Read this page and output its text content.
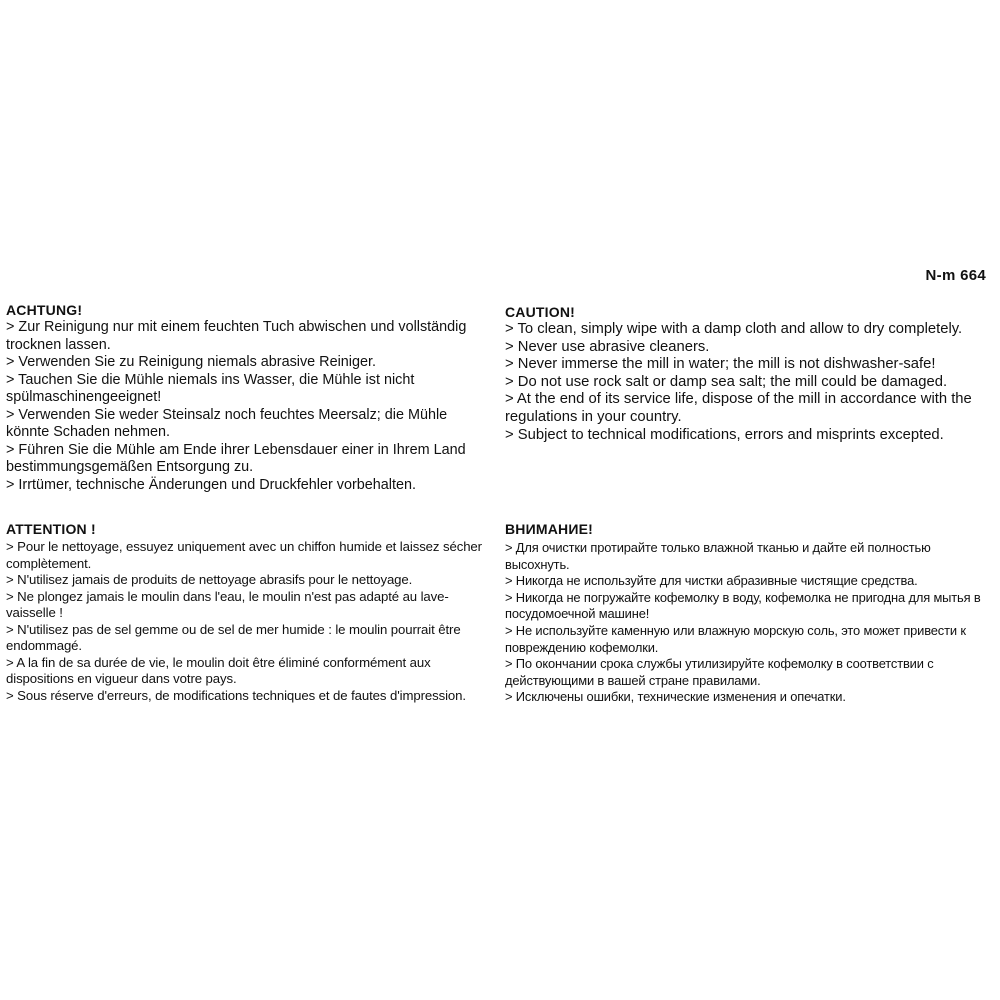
N-m 664
ACHTUNG!
> Zur Reinigung nur mit einem feuchten Tuch abwischen und vollständig trocknen lassen.
> Verwenden Sie zu Reinigung niemals abrasive Reiniger.
> Tauchen Sie die Mühle niemals ins Wasser, die Mühle ist nicht spülmaschinengeeignet!
> Verwenden Sie weder Steinsalz noch feuchtes Meersalz; die Mühle könnte Schaden nehmen.
> Führen Sie die Mühle am Ende ihrer Lebensdauer einer in Ihrem Land bestimmungsgemäßen Entsorgung zu.
> Irrtümer, technische Änderungen und Druckfehler vorbehalten.
CAUTION!
> To clean, simply wipe with a damp cloth and allow to dry completely.
> Never use abrasive cleaners.
> Never immerse the mill in water; the mill is not dishwasher-safe!
> Do not use rock salt or damp sea salt; the mill could be damaged.
> At the end of its service life, dispose of the mill in accordance with the regulations in your country.
> Subject to technical modifications, errors and misprints excepted.
ATTENTION !
> Pour le nettoyage, essuyez uniquement avec un chiffon humide et laissez sécher complètement.
> N'utilisez jamais de produits de nettoyage abrasifs pour le nettoyage.
> Ne plongez jamais le moulin dans l'eau, le moulin n'est pas adapté au lave-vaisselle !
> N'utilisez pas de sel gemme ou de sel de mer humide : le moulin pourrait être endommagé.
> A la fin de sa durée de vie, le moulin doit être éliminé conformément aux dispositions en vigueur dans votre pays.
> Sous réserve d'erreurs, de modifications techniques et de fautes d'impression.
ВНИМАНИЕ!
> Для очистки протирайте только влажной тканью и дайте ей полностью высохнуть.
> Никогда не используйте для чистки абразивные чистящие средства.
> Никогда не погружайте кофемолку в воду, кофемолка не пригодна для мытья в посудомоечной машине!
> Не используйте каменную или влажную морскую соль, это может привести к повреждению кофемолки.
> По окончании срока службы утилизируйте кофемолку в соответствии с действующими в вашей стране правилами.
> Исключены ошибки, технические изменения и опечатки.
